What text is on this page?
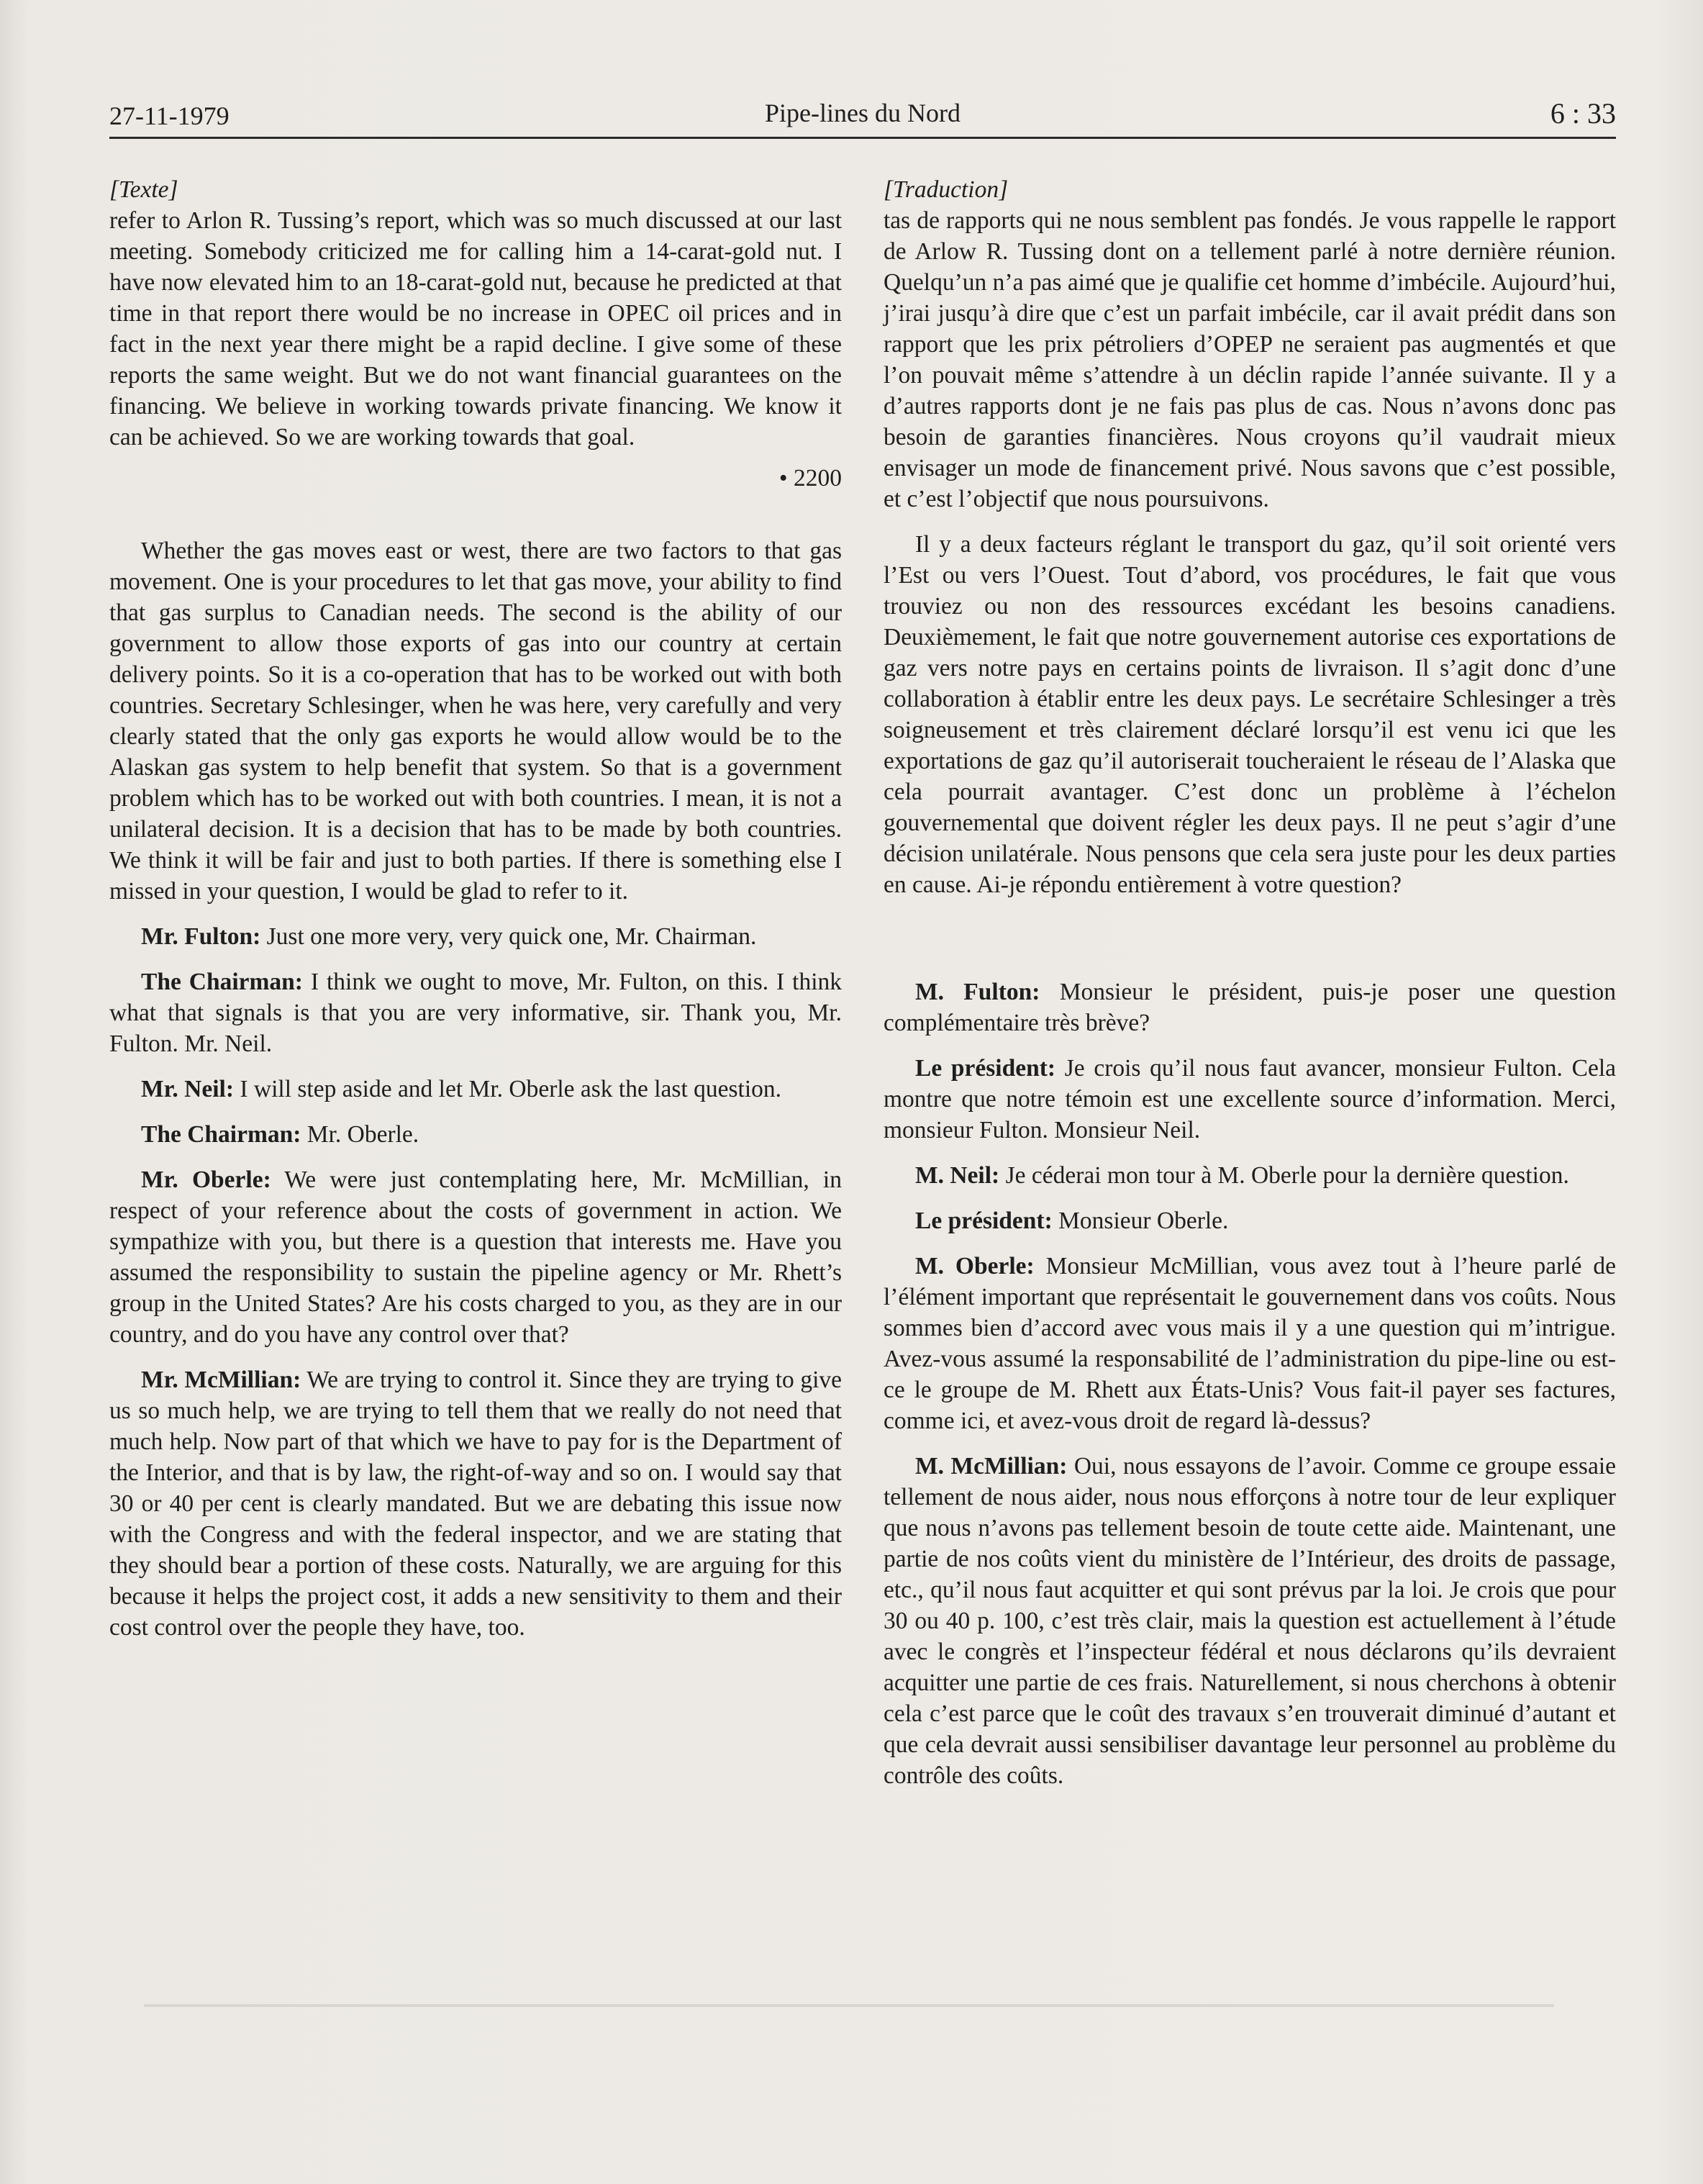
27-11-1979	Pipe-lines du Nord	6 : 33

[Texte]

refer to Arlon R. Tussing’s report, which was so much discussed at our last meeting. Somebody criticized me for calling him a 14-carat-gold nut. I have now elevated him to an 18-carat-gold nut, because he predicted at that time in that report there would be no increase in OPEC oil prices and in fact in the next year there might be a rapid decline. I give some of these reports the same weight. But we do not want financial guarantees on the financing. We believe in working towards private financing. We know it can be achieved. So we are working towards that goal.

• 2200

Whether the gas moves east or west, there are two factors to that gas movement. One is your procedures to let that gas move, your ability to find that gas surplus to Canadian needs. The second is the ability of our government to allow those exports of gas into our country at certain delivery points. So it is a co-operation that has to be worked out with both countries. Secretary Schlesinger, when he was here, very carefully and very clearly stated that the only gas exports he would allow would be to the Alaskan gas system to help benefit that system. So that is a government problem which has to be worked out with both countries. I mean, it is not a unilateral decision. It is a decision that has to be made by both countries. We think it will be fair and just to both parties. If there is something else I missed in your question, I would be glad to refer to it.

Mr. Fulton: Just one more very, very quick one, Mr. Chairman.

The Chairman: I think we ought to move, Mr. Fulton, on this. I think what that signals is that you are very informative, sir. Thank you, Mr. Fulton. Mr. Neil.

Mr. Neil: I will step aside and let Mr. Oberle ask the last question.

The Chairman: Mr. Oberle.

Mr. Oberle: We were just contemplating here, Mr. McMillian, in respect of your reference about the costs of government in action. We sympathize with you, but there is a question that interests me. Have you assumed the responsibility to sustain the pipeline agency or Mr. Rhett’s group in the United States? Are his costs charged to you, as they are in our country, and do you have any control over that?

Mr. McMillian: We are trying to control it. Since they are trying to give us so much help, we are trying to tell them that we really do not need that much help. Now part of that which we have to pay for is the Department of the Interior, and that is by law, the right-of-way and so on. I would say that 30 or 40 per cent is clearly mandated. But we are debating this issue now with the Congress and with the federal inspector, and we are stating that they should bear a portion of these costs. Naturally, we are arguing for this because it helps the project cost, it adds a new sensitivity to them and their cost control over the people they have, too.

[Traduction]

tas de rapports qui ne nous semblent pas fondés. Je vous rappelle le rapport de Arlow R. Tussing dont on a tellement parlé à notre dernière réunion. Quelqu’un n’a pas aimé que je qualifie cet homme d’imbécile. Aujourd’hui, j’irai jusqu’à dire que c’est un parfait imbécile, car il avait prédit dans son rapport que les prix pétroliers d’OPEP ne seraient pas augmentés et que l’on pouvait même s’attendre à un déclin rapide l’année suivante. Il y a d’autres rapports dont je ne fais pas plus de cas. Nous n’avons donc pas besoin de garanties financières. Nous croyons qu’il vaudrait mieux envisager un mode de financement privé. Nous savons que c’est possible, et c’est l’objectif que nous poursuivons.

Il y a deux facteurs réglant le transport du gaz, qu’il soit orienté vers l’Est ou vers l’Ouest. Tout d’abord, vos procédures, le fait que vous trouviez ou non des ressources excédant les besoins canadiens. Deuxièmement, le fait que notre gouvernement autorise ces exportations de gaz vers notre pays en certains points de livraison. Il s’agit donc d’une collaboration à établir entre les deux pays. Le secrétaire Schlesinger a très soigneusement et très clairement déclaré lorsqu’il est venu ici que les exportations de gaz qu’il autoriserait toucheraient le réseau de l’Alaska que cela pourrait avantager. C’est donc un problème à l’échelon gouvernemental que doivent régler les deux pays. Il ne peut s’agir d’une décision unilatérale. Nous pensons que cela sera juste pour les deux parties en cause. Ai-je répondu entièrement à votre question?

M. Fulton: Monsieur le président, puis-je poser une question complémentaire très brève?

Le président: Je crois qu’il nous faut avancer, monsieur Fulton. Cela montre que notre témoin est une excellente source d’information. Merci, monsieur Fulton. Monsieur Neil.

M. Neil: Je céderai mon tour à M. Oberle pour la dernière question.

Le président: Monsieur Oberle.

M. Oberle: Monsieur McMillian, vous avez tout à l’heure parlé de l’élément important que représentait le gouvernement dans vos coûts. Nous sommes bien d’accord avec vous mais il y a une question qui m’intrigue. Avez-vous assumé la responsabilité de l’administration du pipe-line ou est-ce le groupe de M. Rhett aux États-Unis? Vous fait-il payer ses factures, comme ici, et avez-vous droit de regard là-dessus?

M. McMillian: Oui, nous essayons de l’avoir. Comme ce groupe essaie tellement de nous aider, nous nous efforçons à notre tour de leur expliquer que nous n’avons pas tellement besoin de toute cette aide. Maintenant, une partie de nos coûts vient du ministère de l’Intérieur, des droits de passage, etc., qu’il nous faut acquitter et qui sont prévus par la loi. Je crois que pour 30 ou 40 p. 100, c’est très clair, mais la question est actuellement à l’étude avec le congrès et l’inspecteur fédéral et nous déclarons qu’ils devraient acquitter une partie de ces frais. Naturellement, si nous cherchons à obtenir cela c’est parce que le coût des travaux s’en trouverait diminué d’autant et que cela devrait aussi sensibiliser davantage leur personnel au problème du contrôle des coûts.
